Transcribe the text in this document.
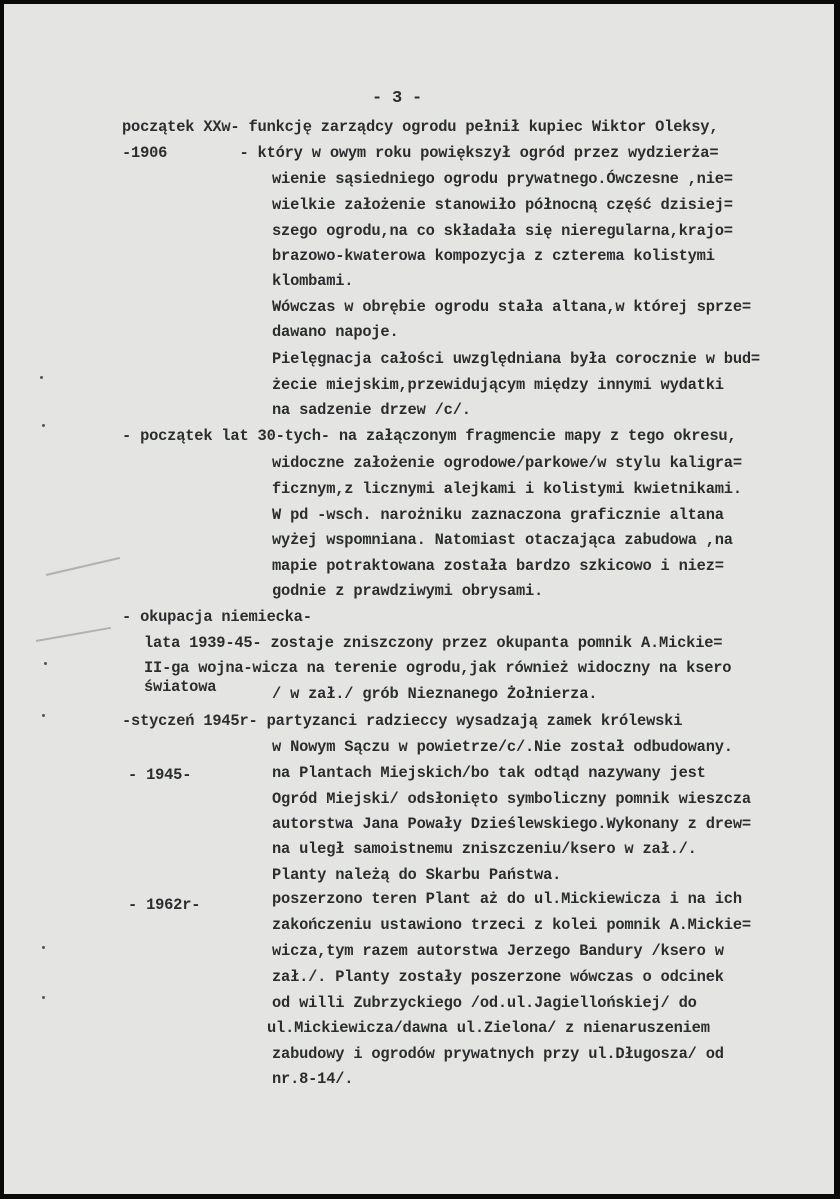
- 3 -
początek XXw- funkcję zarządcy ogrodu pełnił kupiec Wiktor Oleksy,
-1906        - który w owym roku powiększył ogród przez wydzierża=
wienie sąsiedniego ogrodu prywatnego.Ówczesne ,nie=
wielkie założenie stanowiło północną część dzisiej=
szego ogrodu,na co składała się nieregularna,krajo=
brazowo-kwaterowa kompozycja z czterema kolistymi
klombami.
Wówczas w obrębie ogrodu stała altana,w której sprze=
dawano napoje.
Pielęgnacja całości uwzględniana była corocznie w bud=
żecie miejskim,przewidującym między innymi wydatki
na sadzenie drzew /c/.
- początek lat 30-tych- na załączonym fragmencie mapy z tego okresu,
widoczne założenie ogrodowe/parkowe/w stylu kaligra=
ficznym,z licznymi alejkami i kolistymi kwietnikami.
W pd -wsch. narożniku zaznaczona graficznie altana
wyżej wspomniana. Natomiast otaczająca zabudowa ,na
mapie potraktowana została bardzo szkicowo i niez=
godnie z prawdziwymi obrysami.
- okupacja niemiecka-
lata 1939-45- zostaje zniszczony przez okupanta pomnik A.Mickie=
II-ga wojna-wicza na terenie ogrodu,jak również widoczny na ksero
światowa	/ w zał./ grób Nieznanego Żołnierza.
-styczeń 1945r- partyzanci radzieccy wysadzają zamek królewski
w Nowym Sączu w powietrze/c/.Nie został odbudowany.
- 1945-	na Plantach Miejskich/bo tak odtąd nazywany jest
Ogród Miejski/ odsłonięto symboliczny pomnik wieszcza
autorstwa Jana Powały Dzieślewskiego.Wykonany z drew=
na uległ samoistnemu zniszczeniu/ksero w zał./.
Planty należą do Skarbu Państwa.
- 1962r-	poszerzono teren Plant aż do ul.Mickiewicza i na ich
zakończeniu ustawiono trzeci z kolei pomnik A.Mickie=
wicza,tym razem autorstwa Jerzego Bandury /ksero w
zał./. Planty zostały poszerzone wówczas o odcinek
od willi Zubrzyckiego /od.ul.Jagiellońskiej/ do
ul.Mickiewicza/dawna ul.Zielona/ z nienaruszeniem
zabudowy i ogrodów prywatnych przy ul.Długosza/ od
nr.8-14/.
